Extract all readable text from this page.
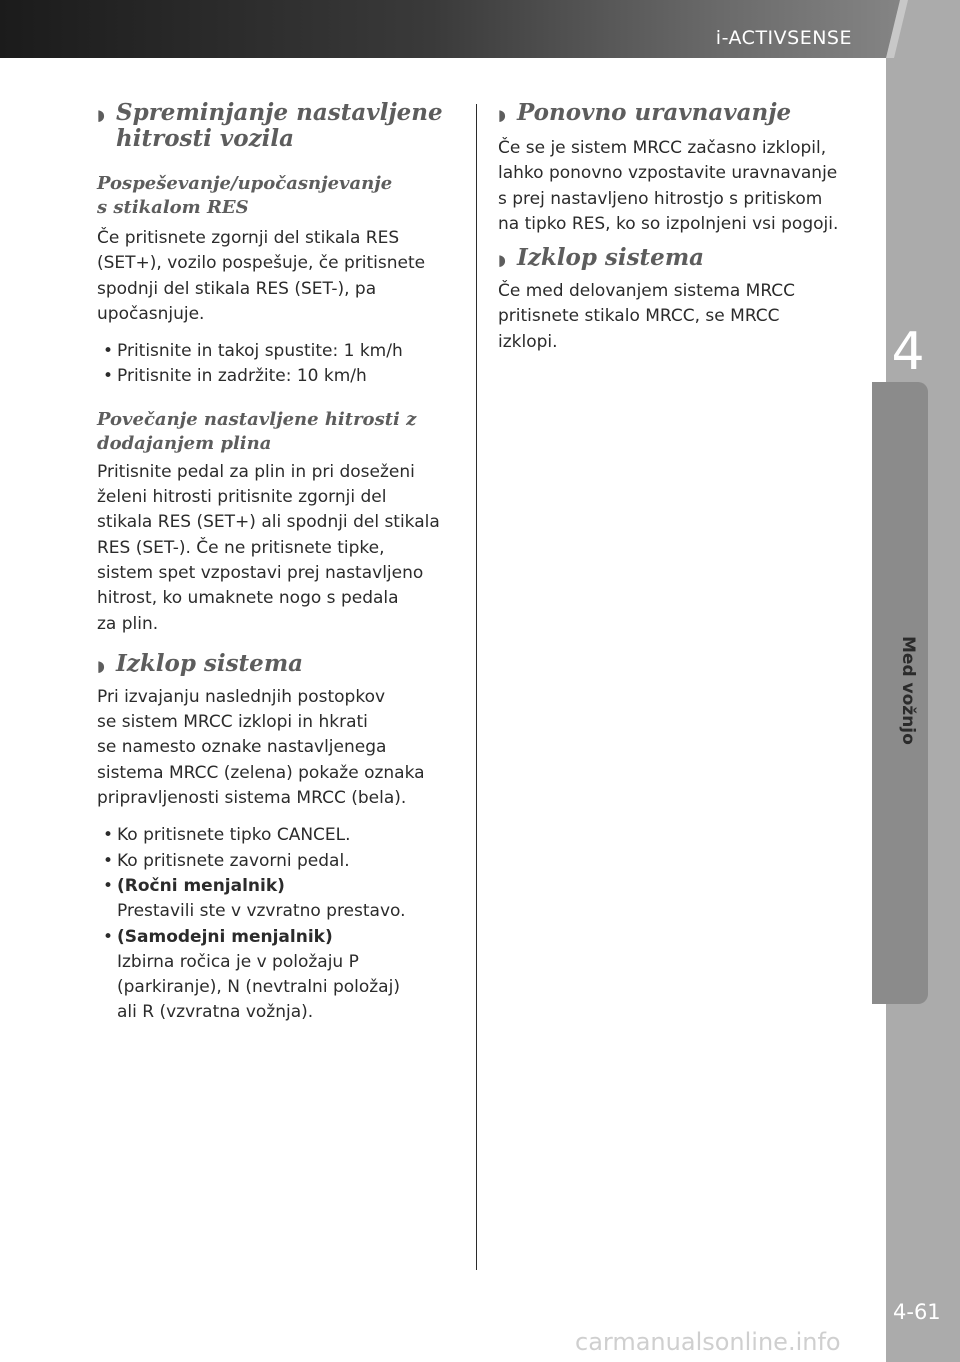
i-ACTIVSENSE
4
Med vožnjo
4-61
◗ Spreminjanje nastavljene
hitrosti vozila
Pospeševanje/upočasnjevanje
s stikalom RES

Če pritisnete zgornji del stikala RES
(SET+), vozilo pospešuje, če pritisnete
spodnji del stikala RES (SET-), pa
upočasnjuje.

• Pritisnite in takoj spustite: 1 km/h
• Pritisnite in zadržite: 10 km/h
Povečanje nastavljene hitrosti z
dodajanjem plina

Pritisnite pedal za plin in pri doseženi
želeni hitrosti pritisnite zgornji del
stikala RES (SET+) ali spodnji del stikala
RES (SET-). Če ne pritisnete tipke,
sistem spet vzpostavi prej nastavljeno
hitrost, ko umaknete nogo s pedala
za plin.

◗ Izklop sistema

Pri izvajanju naslednjih postopkov
se sistem MRCC izklopi in hkrati
se namesto oznake nastavljenega
sistema MRCC (zelena) pokaže oznaka
pripravljenosti sistema MRCC (bela).

• Ko pritisnete tipko CANCEL.
• Ko pritisnete zavorni pedal.
• (Ročni menjalnik)
Prestavili ste v vzvratno prestavo.
• (Samodejni menjalnik)
Izbirna ročica je v položaju P
(parkiranje), N (nevtralni položaj)
ali R (vzvratna vožnja).
◗ Ponovno uravnavanje

Če se je sistem MRCC začasno izklopil,
lahko ponovno vzpostavite uravnavanje
s prej nastavljeno hitrostjo s pritiskom
na tipko RES, ko so izpolnjeni vsi pogoji.

◗ Izklop sistema

Če med delovanjem sistema MRCC
pritisnete stikalo MRCC, se MRCC
izklopi.

carmanualsonline.info
